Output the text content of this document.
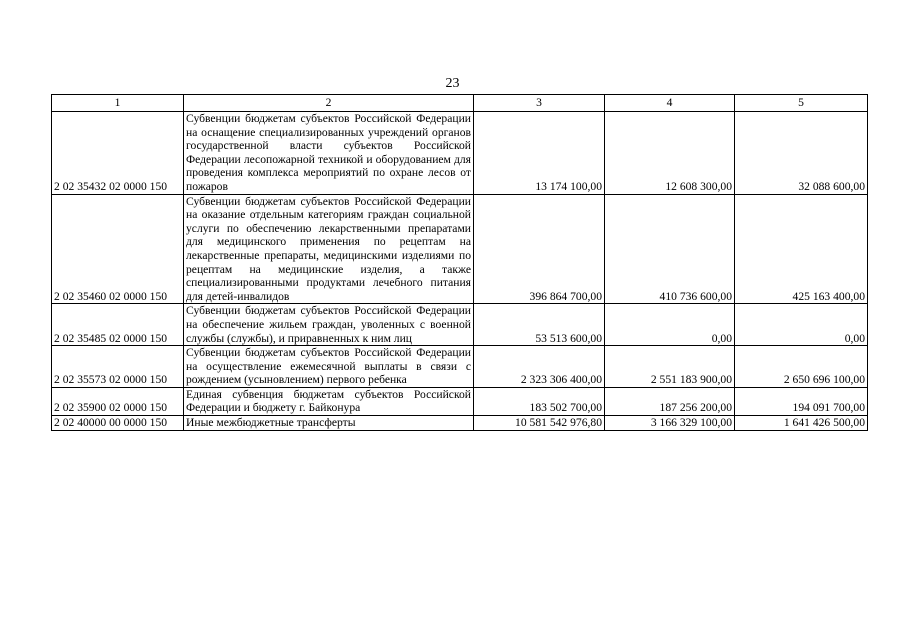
23
1	2	3	4	5
2 02 35432 02 0000 150	Субвенции бюджетам субъектов Российской Федерации на оснащение специализированных учреждений органов государственной власти субъектов Российской Федерации лесопожарной техникой и оборудованием для проведения комплекса мероприятий по охране лесов от пожаров	13 174 100,00	12 608 300,00	32 088 600,00
2 02 35460 02 0000 150	Субвенции бюджетам субъектов Российской Федерации на оказание отдельным категориям граждан социальной услуги по обеспечению лекарственными препаратами для медицинского применения по рецептам на лекарственные препараты, медицинскими изделиями по рецептам на медицинские изделия, а также специализированными продуктами лечебного питания для детей-инвалидов	396 864 700,00	410 736 600,00	425 163 400,00
2 02 35485 02 0000 150	Субвенции бюджетам субъектов Российской Федерации на обеспечение жильем граждан, уволенных с военной службы (службы), и приравненных к ним лиц	53 513 600,00	0,00	0,00
2 02 35573 02 0000 150	Субвенции бюджетам субъектов Российской Федерации на осуществление ежемесячной выплаты в связи с рождением (усыновлением) первого ребенка	2 323 306 400,00	2 551 183 900,00	2 650 696 100,00
2 02 35900 02 0000 150	Единая субвенция бюджетам субъектов Российской Федерации и бюджету г. Байконура	183 502 700,00	187 256 200,00	194 091 700,00
2 02 40000 00 0000 150	Иные межбюджетные трансферты	10 581 542 976,80	3 166 329 100,00	1 641 426 500,00
